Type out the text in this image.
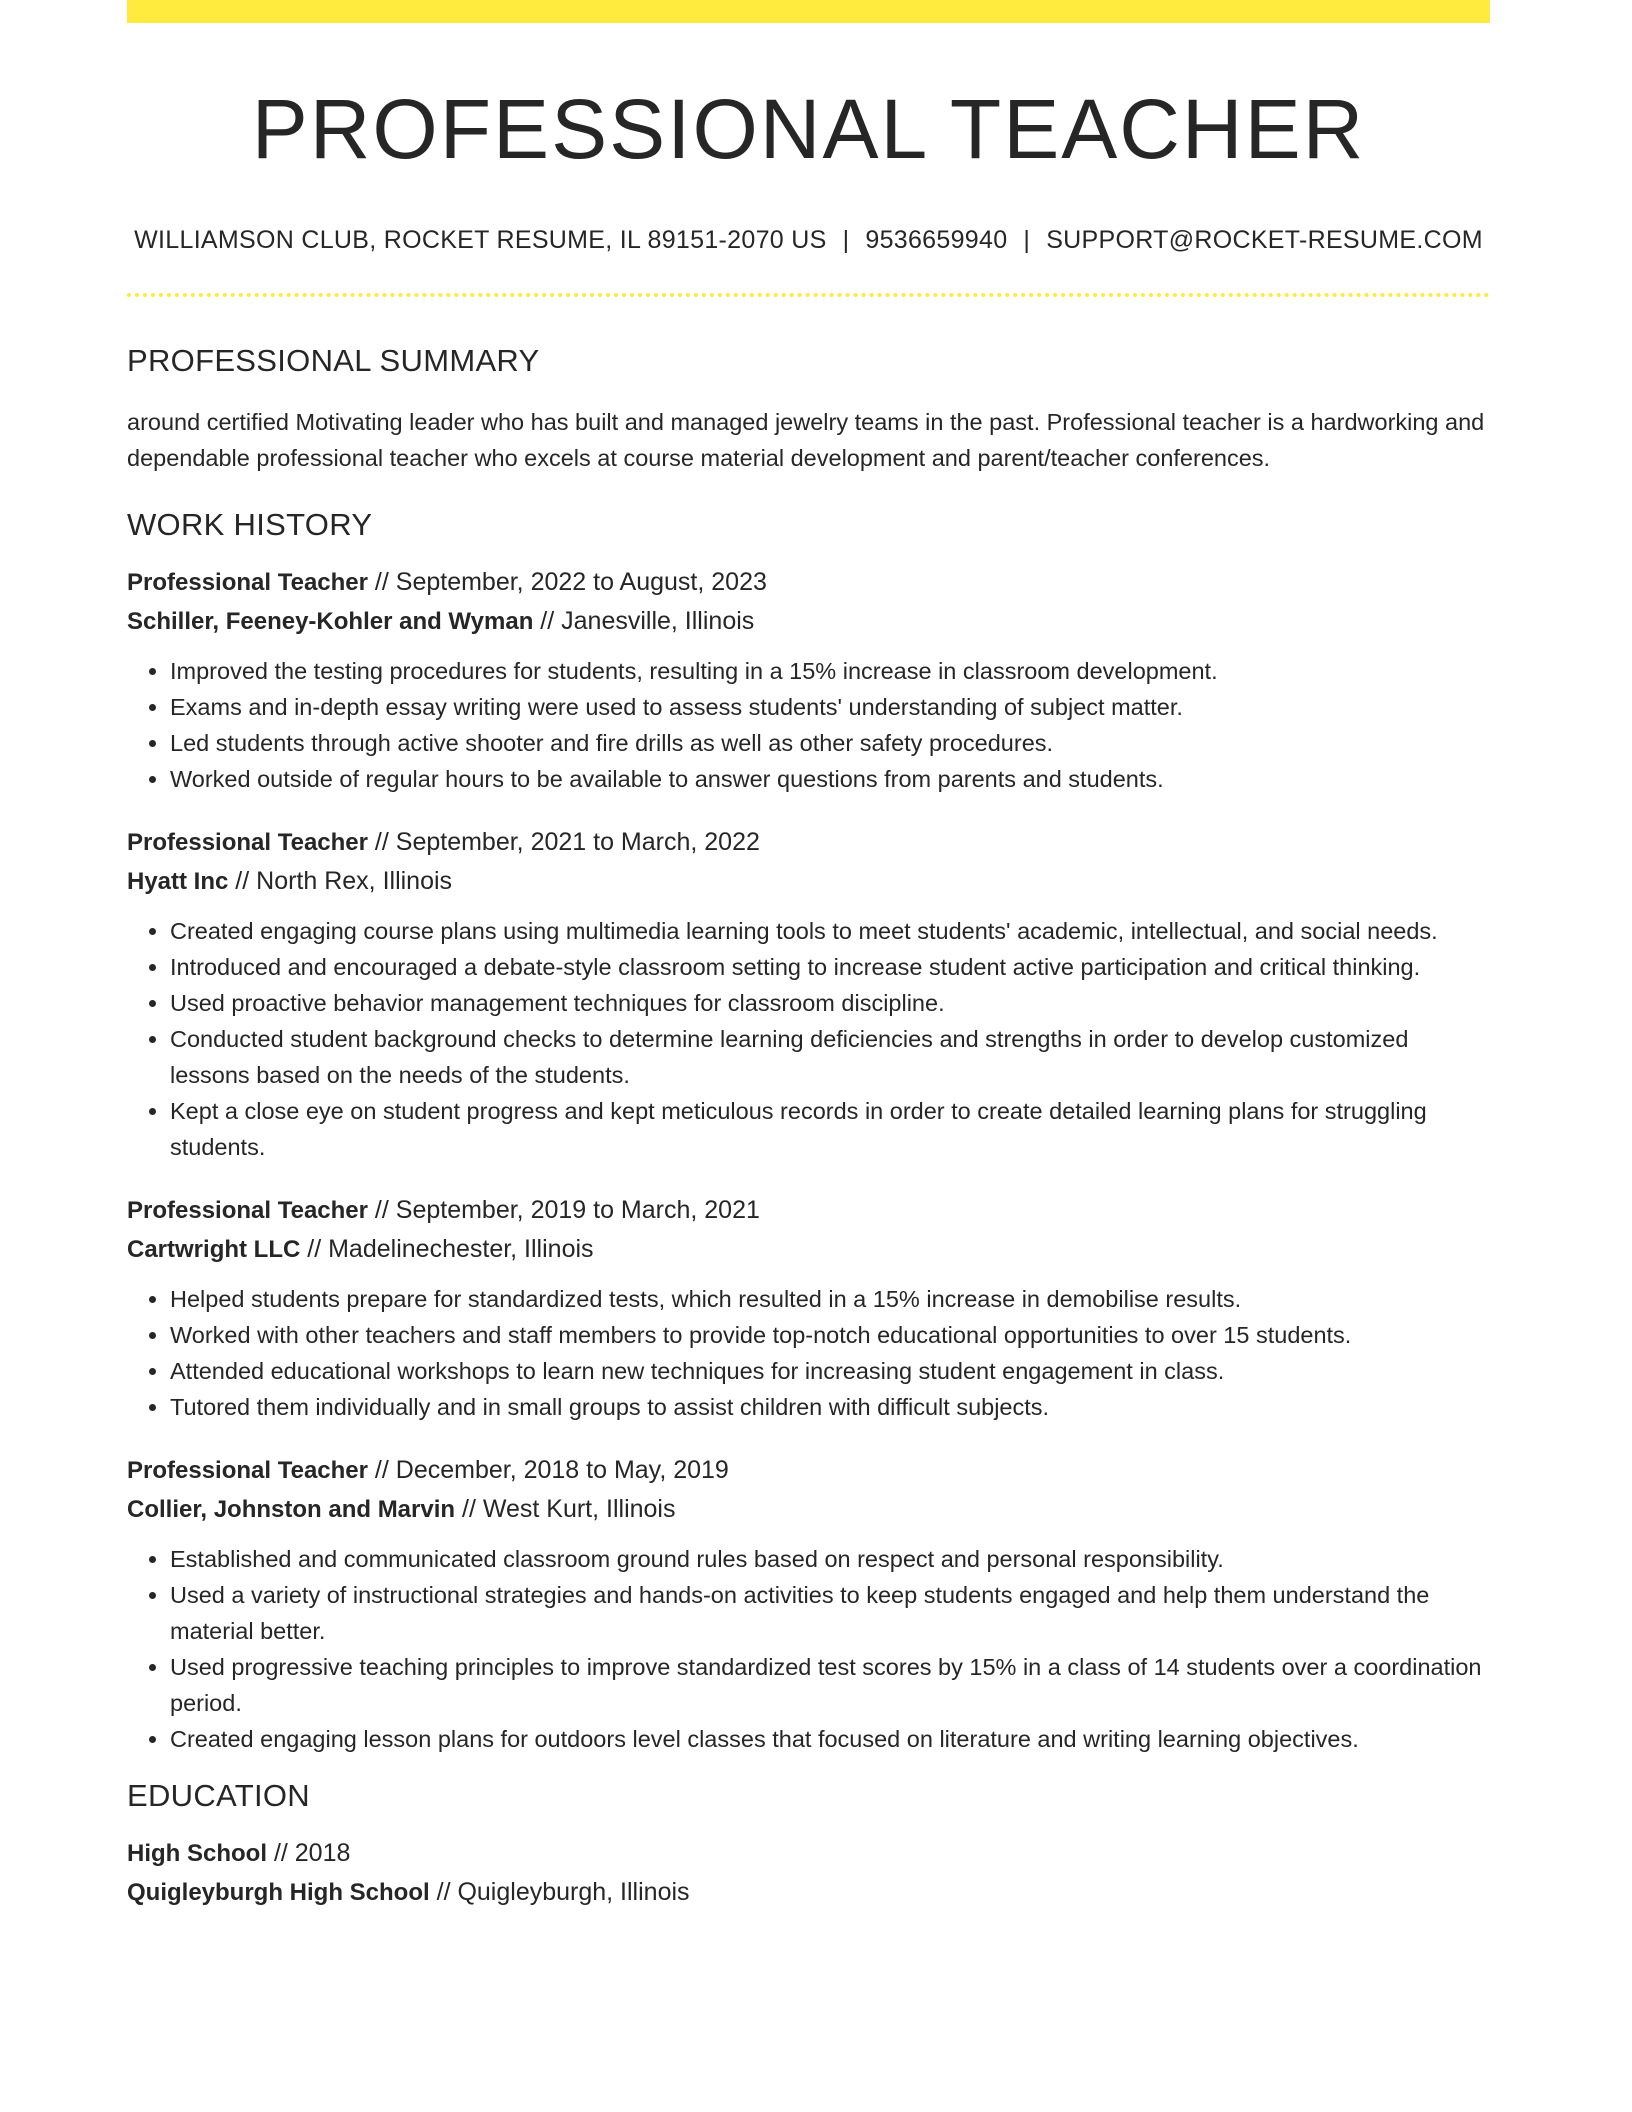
PROFESSIONAL TEACHER
WILLIAMSON CLUB, ROCKET RESUME, IL 89151-2070 US | 9536659940 | SUPPORT@ROCKET-RESUME.COM
PROFESSIONAL SUMMARY

around certified Motivating leader who has built and managed jewelry teams in the past. Professional teacher is a hardworking and dependable professional teacher who excels at course material development and parent/teacher conferences.

WORK HISTORY
Professional Teacher // September, 2022 to August, 2023
Schiller, Feeney-Kohler and Wyman // Janesville, Illinois
• Improved the testing procedures for students, resulting in a 15% increase in classroom development.
• Exams and in-depth essay writing were used to assess students' understanding of subject matter.
• Led students through active shooter and fire drills as well as other safety procedures.
• Worked outside of regular hours to be available to answer questions from parents and students.
Professional Teacher // September, 2021 to March, 2022
Hyatt Inc // North Rex, Illinois
• Created engaging course plans using multimedia learning tools to meet students' academic, intellectual, and social needs.
• Introduced and encouraged a debate-style classroom setting to increase student active participation and critical thinking.
• Used proactive behavior management techniques for classroom discipline.
• Conducted student background checks to determine learning deficiencies and strengths in order to develop customized lessons based on the needs of the students.
• Kept a close eye on student progress and kept meticulous records in order to create detailed learning plans for struggling students.
Professional Teacher // September, 2019 to March, 2021
Cartwright LLC // Madelinechester, Illinois
• Helped students prepare for standardized tests, which resulted in a 15% increase in demobilise results.
• Worked with other teachers and staff members to provide top-notch educational opportunities to over 15 students.
• Attended educational workshops to learn new techniques for increasing student engagement in class.
• Tutored them individually and in small groups to assist children with difficult subjects.
Professional Teacher // December, 2018 to May, 2019
Collier, Johnston and Marvin // West Kurt, Illinois
• Established and communicated classroom ground rules based on respect and personal responsibility.
• Used a variety of instructional strategies and hands-on activities to keep students engaged and help them understand the material better.
• Used progressive teaching principles to improve standardized test scores by 15% in a class of 14 students over a coordination period.
• Created engaging lesson plans for outdoors level classes that focused on literature and writing learning objectives.
EDUCATION
High School // 2018
Quigleyburgh High School // Quigleyburgh, Illinois
